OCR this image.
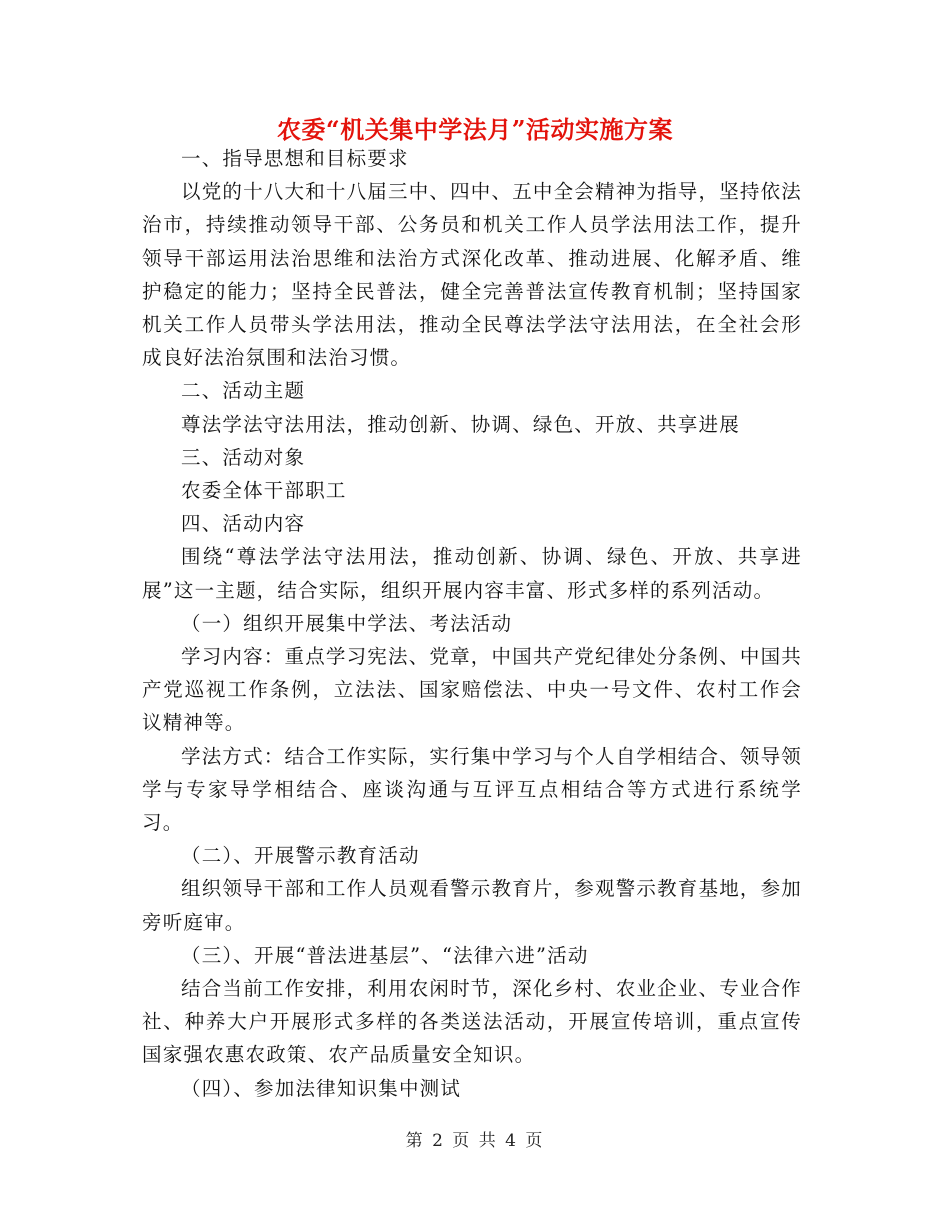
农委“机关集中学法月”活动实施方案

一、指导思想和目标要求

以党的十八大和十八届三中、四中、五中全会精神为指导，坚持依法治市，持续推动领导干部、公务员和机关工作人员学法用法工作，提升领导干部运用法治思维和法治方式深化改革、推动进展、化解矛盾、维护稳定的能力；坚持全民普法，健全完善普法宣传教育机制；坚持国家机关工作人员带头学法用法，推动全民尊法学法守法用法，在全社会形成良好法治氛围和法治习惯。

二、活动主题

尊法学法守法用法，推动创新、协调、绿色、开放、共享进展

三、活动对象

农委全体干部职工

四、活动内容

围绕“尊法学法守法用法，推动创新、协调、绿色、开放、共享进展”这一主题，结合实际，组织开展内容丰富、形式多样的系列活动。

（一）组织开展集中学法、考法活动

学习内容：重点学习宪法、党章，中国共产党纪律处分条例、中国共产党巡视工作条例，立法法、国家赔偿法、中央一号文件、农村工作会议精神等。

学法方式：结合工作实际，实行集中学习与个人自学相结合、领导领学与专家导学相结合、座谈沟通与互评互点相结合等方式进行系统学习。

（二）、开展警示教育活动

组织领导干部和工作人员观看警示教育片，参观警示教育基地，参加旁听庭审。

（三）、开展“普法进基层”、“法律六进”活动

结合当前工作安排，利用农闲时节，深化乡村、农业企业、专业合作社、种养大户开展形式多样的各类送法活动，开展宣传培训，重点宣传国家强农惠农政策、农产品质量安全知识。

（四）、参加法律知识集中测试

第 2 页 共 4 页
